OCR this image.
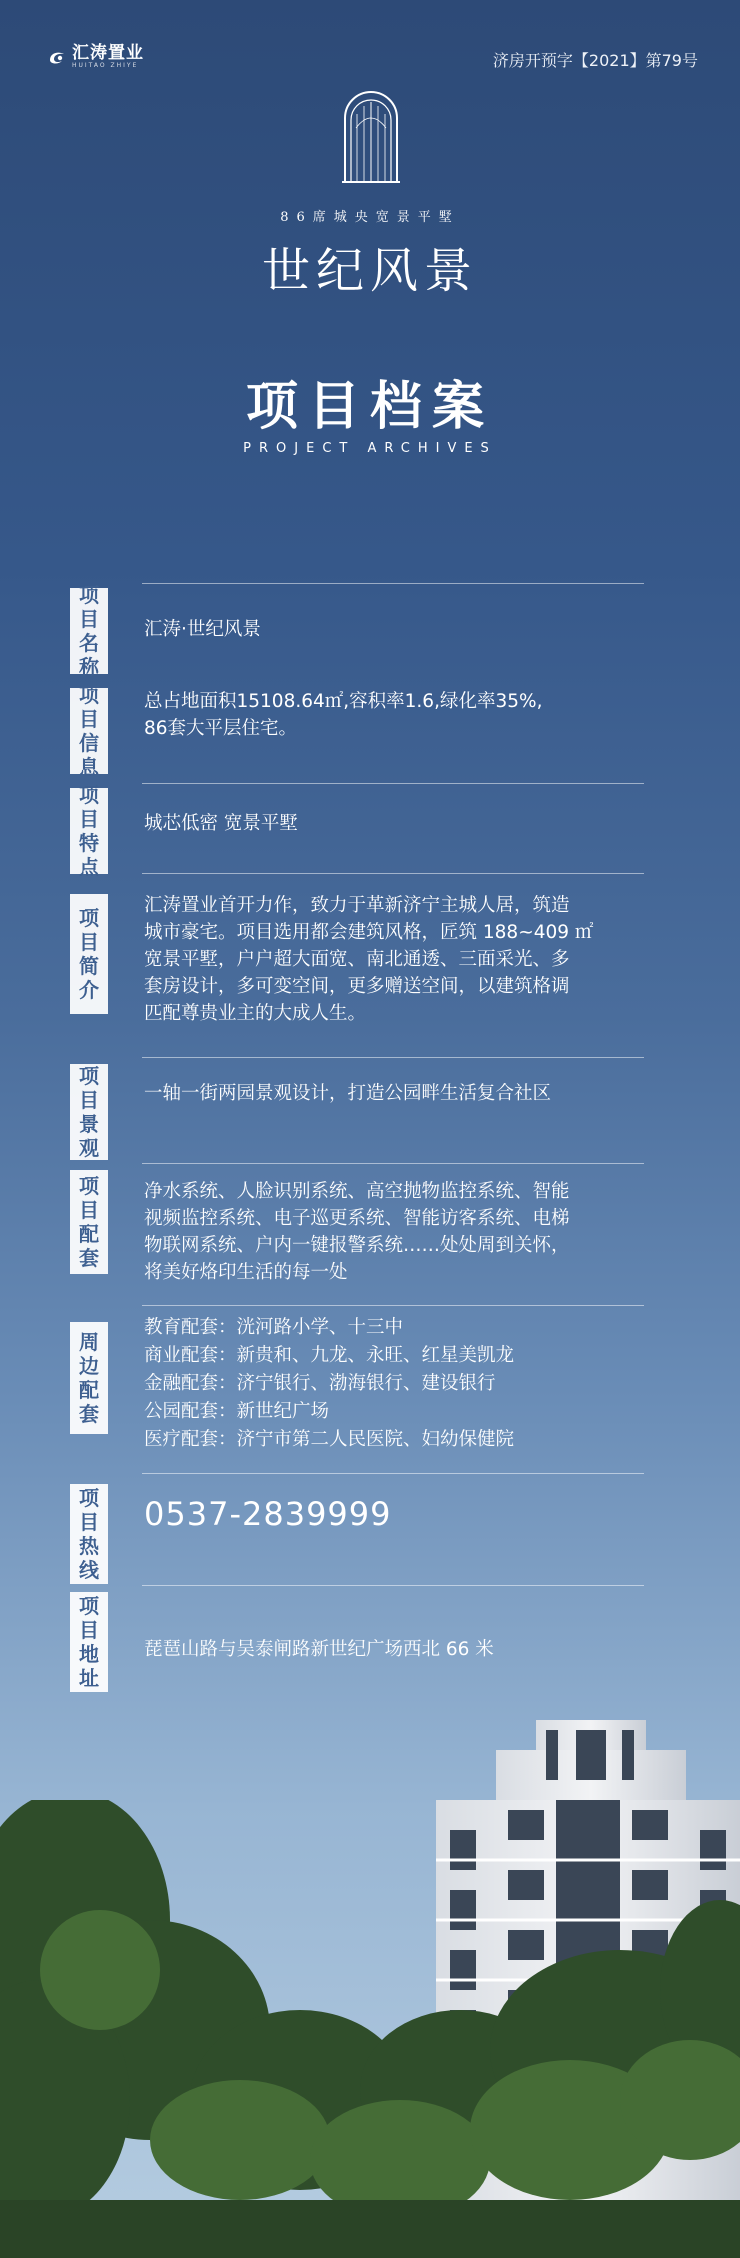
汇涛置业
HUITAO ZHIYE	济房开预字【2021】第79号
86席城央宽景平墅
世纪风景
项目档案
PROJECT ARCHIVES
项
目
名
称

汇涛·世纪风景

项
目
信
息

总占地面积15108.64㎡,容积率1.6,绿化率35%,

86套大平层住宅。

项
目
特
点

城芯低密 宽景平墅

项
目
简
介

汇涛置业首开力作，致力于革新济宁主城人居，筑造

城市豪宅。项目选用都会建筑风格，匠筑 188~409 ㎡

宽景平墅，户户超大面宽、南北通透、三面采光、多

套房设计，多可变空间，更多赠送空间，以建筑格调

匹配尊贵业主的大成人生。

项
目
景
观

一轴一街两园景观设计，打造公园畔生活复合社区

项
目
配
套

净水系统、人脸识别系统、高空抛物监控系统、智能

视频监控系统、电子巡更系统、智能访客系统、电梯

物联网系统、户内一键报警系统……处处周到关怀，

将美好烙印生活的每一处

周
边
配
套

教育配套：洸河路小学、十三中

商业配套：新贵和、九龙、永旺、红星美凯龙

金融配套：济宁银行、渤海银行、建设银行

公园配套：新世纪广场

医疗配套：济宁市第二人民医院、妇幼保健院

项
目
热
线

0537-2839999

项
目
地
址

琵琶山路与吴泰闸路新世纪广场西北 66 米
